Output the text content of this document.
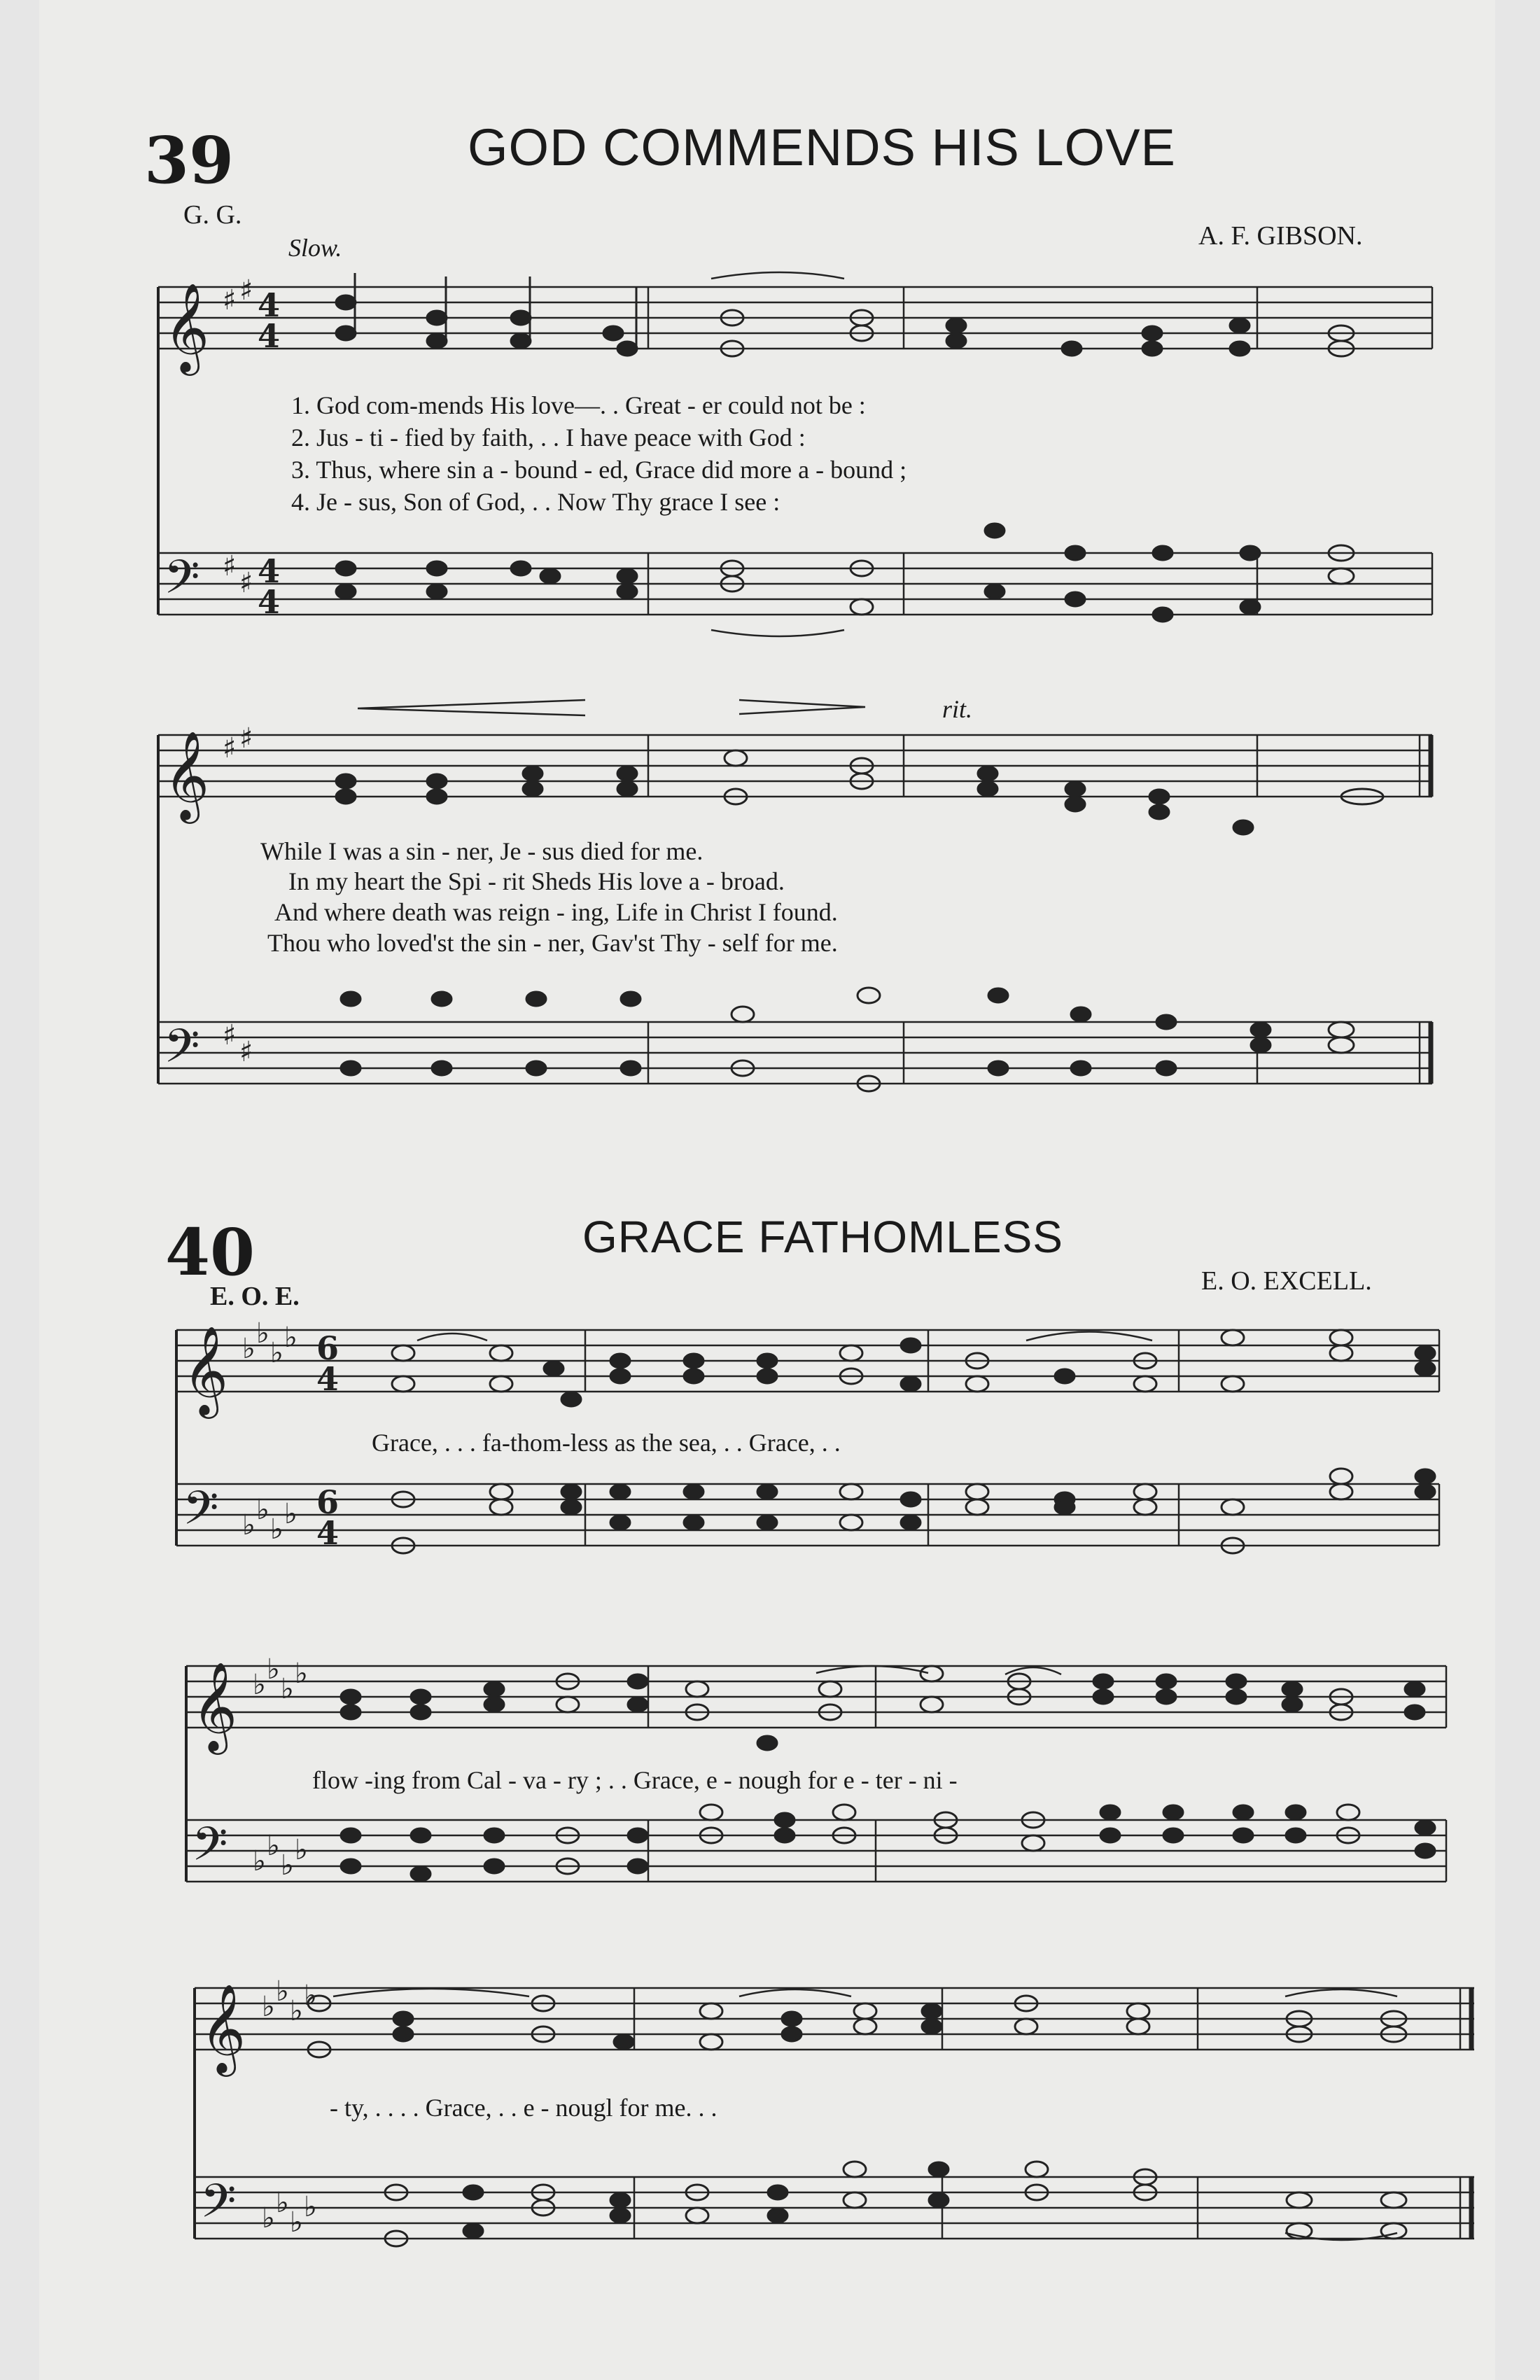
39	GOD COMMENDS HIS LOVE
G. G.
A. F. GIBSON.
Slow.
rit.
𝄞
𝄞
𝄢
𝄢
♯ ♯
♯ ♯
♯
♯
♯
♯
4
4
4
4
1. God com-mends His love—. . Great - er could not be :
2. Jus - ti - fied by faith, . . I have peace with God :
3. Thus, where sin a - bound - ed, Grace did more a - bound ;
4. Je - sus, Son of God, . . Now Thy grace I see :
While I was a sin - ner, Je - sus died for me.
In my heart the Spi - rit Sheds His love a - broad.
And where death was reign - ing, Life in Christ I found.
Thou who loved'st the sin - ner, Gav'st Thy - self for me.
40	GRACE FATHOMLESS
E. O. E.
E. O. EXCELL.
𝄞
𝄢
𝄞
𝄢
𝄞
𝄢
♭ ♭
♭ ♭
♭ ♭
♭ ♭
♭ ♭
♭ ♭
♭ ♭
♭ ♭
♭ ♭
♭ ♭
♭ ♭
♭ ♭
6
4
6
4
Grace, . . . fa-thom-less as the sea, . . Grace, . .
flow -ing from Cal - va - ry ; . . Grace, e - nough for e - ter - ni -
- ty, . . . . Grace, . . e - nougl for me. . .
